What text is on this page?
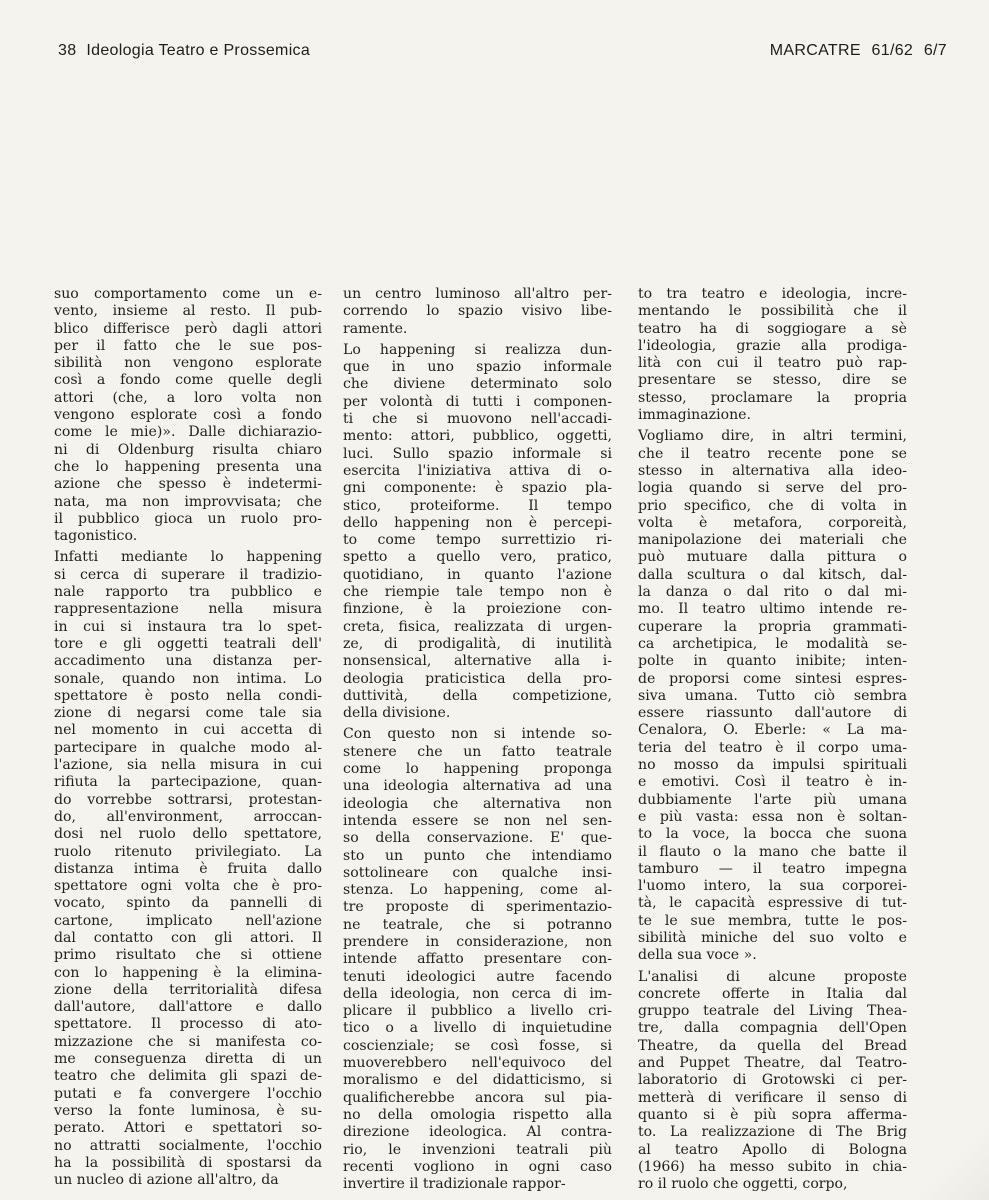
38 Ideologia Teatro e Prossemica	MARCATRE 61/62 6/7

suo comportamento come un e-

vento, insieme al resto. Il pub-

blico differisce però dagli attori

per il fatto che le sue pos-

sibilità non vengono esplorate

così a fondo come quelle degli

attori (che, a loro volta non

vengono esplorate così a fondo

come le mie)». Dalle dichiarazio-

ni di Oldenburg risulta chiaro

che lo happening presenta una

azione che spesso è indetermi-

nata, ma non improvvisata; che

il pubblico gioca un ruolo pro-

tagonistico.

Infatti mediante lo happening

si cerca di superare il tradizio-

nale rapporto tra pubblico e

rappresentazione nella misura

in cui si instaura tra lo spet-

tore e gli oggetti teatrali dell'

accadimento una distanza per-

sonale, quando non intima. Lo

spettatore è posto nella condi-

zione di negarsi come tale sia

nel momento in cui accetta di

partecipare in qualche modo al-

l'azione, sia nella misura in cui

rifiuta la partecipazione, quan-

do vorrebbe sottrarsi, protestan-

do, all'environment, arroccan-

dosi nel ruolo dello spettatore,

ruolo ritenuto privilegiato. La

distanza intima è fruita dallo

spettatore ogni volta che è pro-

vocato, spinto da pannelli di

cartone, implicato nell'azione

dal contatto con gli attori. Il

primo risultato che si ottiene

con lo happening è la elimina-

zione della territorialità difesa

dall'autore, dall'attore e dallo

spettatore. Il processo di ato-

mizzazione che si manifesta co-

me conseguenza diretta di un

teatro che delimita gli spazi de-

putati e fa convergere l'occhio

verso la fonte luminosa, è su-

perato. Attori e spettatori so-

no attratti socialmente, l'occhio

ha la possibilità di spostarsi da

un nucleo di azione all'altro, da

un centro luminoso all'altro per-

correndo lo spazio visivo libe-

ramente.

Lo happening si realizza dun-

que in uno spazio informale

che diviene determinato solo

per volontà di tutti i componen-

ti che si muovono nell'accadi-

mento: attori, pubblico, oggetti,

luci. Sullo spazio informale si

esercita l'iniziativa attiva di o-

gni componente: è spazio pla-

stico, proteiforme. Il tempo

dello happening non è percepi-

to come tempo surrettizio ri-

spetto a quello vero, pratico,

quotidiano, in quanto l'azione

che riempie tale tempo non è

finzione, è la proiezione con-

creta, fisica, realizzata di urgen-

ze, di prodigalità, di inutilità

nonsensical, alternative alla i-

deologia praticistica della pro-

duttività, della competizione,

della divisione.

Con questo non si intende so-

stenere che un fatto teatrale

come lo happening proponga

una ideologia alternativa ad una

ideologia che alternativa non

intenda essere se non nel sen-

so della conservazione. E' que-

sto un punto che intendiamo

sottolineare con qualche insi-

stenza. Lo happening, come al-

tre proposte di sperimentazio-

ne teatrale, che si potranno

prendere in considerazione, non

intende affatto presentare con-

tenuti ideologici autre facendo

della ideologia, non cerca di im-

plicare il pubblico a livello cri-

tico o a livello di inquietudine

coscienziale; se così fosse, si

muoverebbero nell'equivoco del

moralismo e del didatticismo, si

qualificherebbe ancora sul pia-

no della omologia rispetto alla

direzione ideologica. Al contra-

rio, le invenzioni teatrali più

recenti vogliono in ogni caso

invertire il tradizionale rappor-

to tra teatro e ideologia, incre-

mentando le possibilità che il

teatro ha di soggiogare a sè

l'ideologia, grazie alla prodiga-

lità con cui il teatro può rap-

presentare se stesso, dire se

stesso, proclamare la propria

immaginazione.

Vogliamo dire, in altri termini,

che il teatro recente pone se

stesso in alternativa alla ideo-

logia quando si serve del pro-

prio specifico, che di volta in

volta è metafora, corporeità,

manipolazione dei materiali che

può mutuare dalla pittura o

dalla scultura o dal kitsch, dal-

la danza o dal rito o dal mi-

mo. Il teatro ultimo intende re-

cuperare la propria grammati-

ca archetipica, le modalità se-

polte in quanto inibite; inten-

de proporsi come sintesi espres-

siva umana. Tutto ciò sembra

essere riassunto dall'autore di

Cenalora, O. Eberle: « La ma-

teria del teatro è il corpo uma-

no mosso da impulsi spirituali

e emotivi. Così il teatro è in-

dubbiamente l'arte più umana

e più vasta: essa non è soltan-

to la voce, la bocca che suona

il flauto o la mano che batte il

tamburo — il teatro impegna

l'uomo intero, la sua corporei-

tà, le capacità espressive di tut-

te le sue membra, tutte le pos-

sibilità miniche del suo volto e

della sua voce ».

L'analisi di alcune proposte

concrete offerte in Italia dal

gruppo teatrale del Living Thea-

tre, dalla compagnia dell'Open

Theatre, da quella del Bread

and Puppet Theatre, dal Teatro-

laboratorio di Grotowski ci per-

metterà di verificare il senso di

quanto si è più sopra afferma-

to. La realizzazione di The Brig

al teatro Apollo di Bologna

(1966) ha messo subito in chia-

ro il ruolo che oggetti, corpo,
